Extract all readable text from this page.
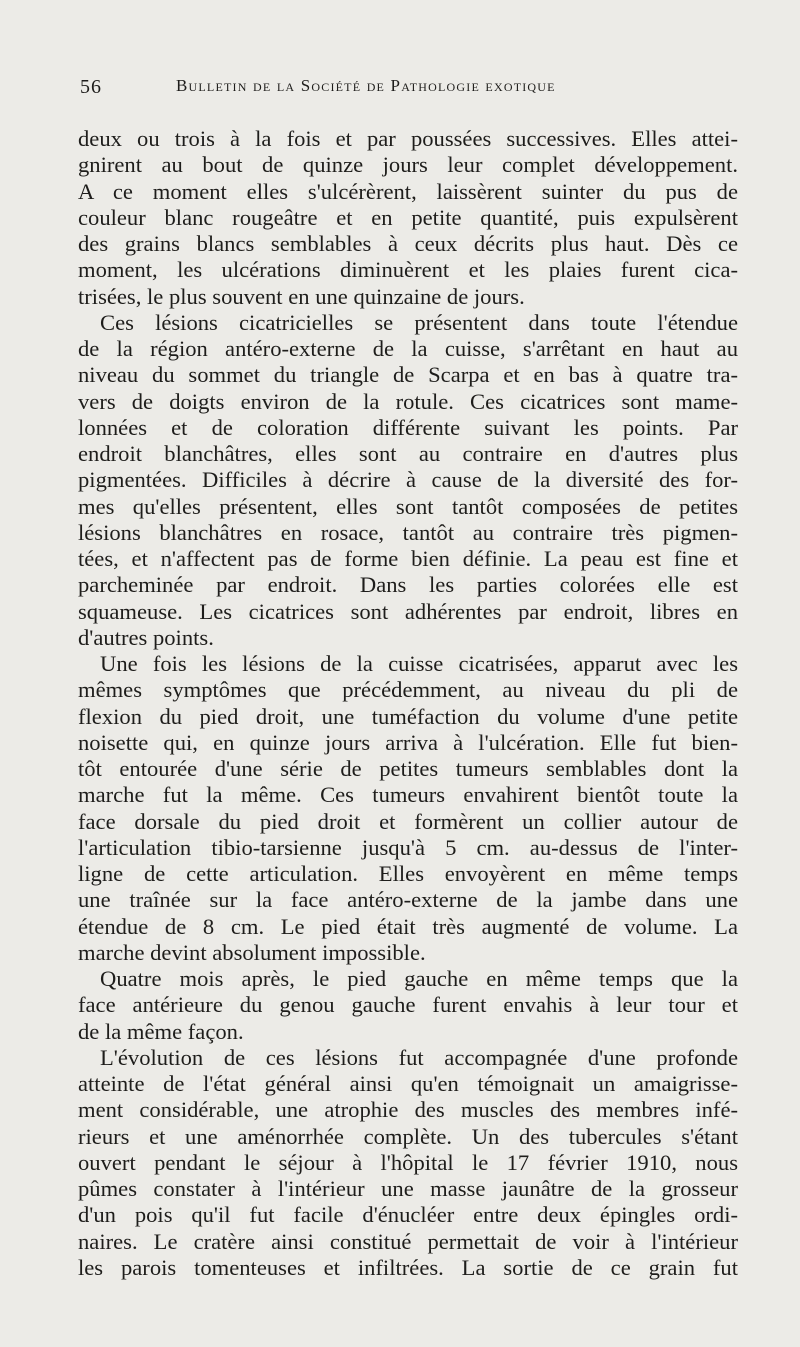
56	Bulletin de la Société de Pathologie exotique

deux ou trois à la fois et par poussées successives. Elles attei-
gnirent au bout de quinze jours leur complet développement.
A ce moment elles s'ulcérèrent, laissèrent suinter du pus de
couleur blanc rougeâtre et en petite quantité, puis expulsèrent
des grains blancs semblables à ceux décrits plus haut. Dès ce
moment, les ulcérations diminuèrent et les plaies furent cica-
trisées, le plus souvent en une quinzaine de jours.

Ces lésions cicatricielles se présentent dans toute l'étendue
de la région antéro-externe de la cuisse, s'arrêtant en haut au
niveau du sommet du triangle de Scarpa et en bas à quatre tra-
vers de doigts environ de la rotule. Ces cicatrices sont mame-
lonnées et de coloration différente suivant les points. Par
endroit blanchâtres, elles sont au contraire en d'autres plus
pigmentées. Difficiles à décrire à cause de la diversité des for-
mes qu'elles présentent, elles sont tantôt composées de petites
lésions blanchâtres en rosace, tantôt au contraire très pigmen-
tées, et n'affectent pas de forme bien définie. La peau est fine et
parcheminée par endroit. Dans les parties colorées elle est
squameuse. Les cicatrices sont adhérentes par endroit, libres en
d'autres points.

Une fois les lésions de la cuisse cicatrisées, apparut avec les
mêmes symptômes que précédemment, au niveau du pli de
flexion du pied droit, une tuméfaction du volume d'une petite
noisette qui, en quinze jours arriva à l'ulcération. Elle fut bien-
tôt entourée d'une série de petites tumeurs semblables dont la
marche fut la même. Ces tumeurs envahirent bientôt toute la
face dorsale du pied droit et formèrent un collier autour de
l'articulation tibio-tarsienne jusqu'à 5 cm. au-dessus de l'inter-
ligne de cette articulation. Elles envoyèrent en même temps
une traînée sur la face antéro-externe de la jambe dans une
étendue de 8 cm. Le pied était très augmenté de volume. La
marche devint absolument impossible.

Quatre mois après, le pied gauche en même temps que la
face antérieure du genou gauche furent envahis à leur tour et
de la même façon.

L'évolution de ces lésions fut accompagnée d'une profonde
atteinte de l'état général ainsi qu'en témoignait un amaigrisse-
ment considérable, une atrophie des muscles des membres infé-
rieurs et une aménorrhée complète. Un des tubercules s'étant
ouvert pendant le séjour à l'hôpital le 17 février 1910, nous
pûmes constater à l'intérieur une masse jaunâtre de la grosseur
d'un pois qu'il fut facile d'énucléer entre deux épingles ordi-
naires. Le cratère ainsi constitué permettait de voir à l'intérieur
les parois tomenteuses et infiltrées. La sortie de ce grain fut
